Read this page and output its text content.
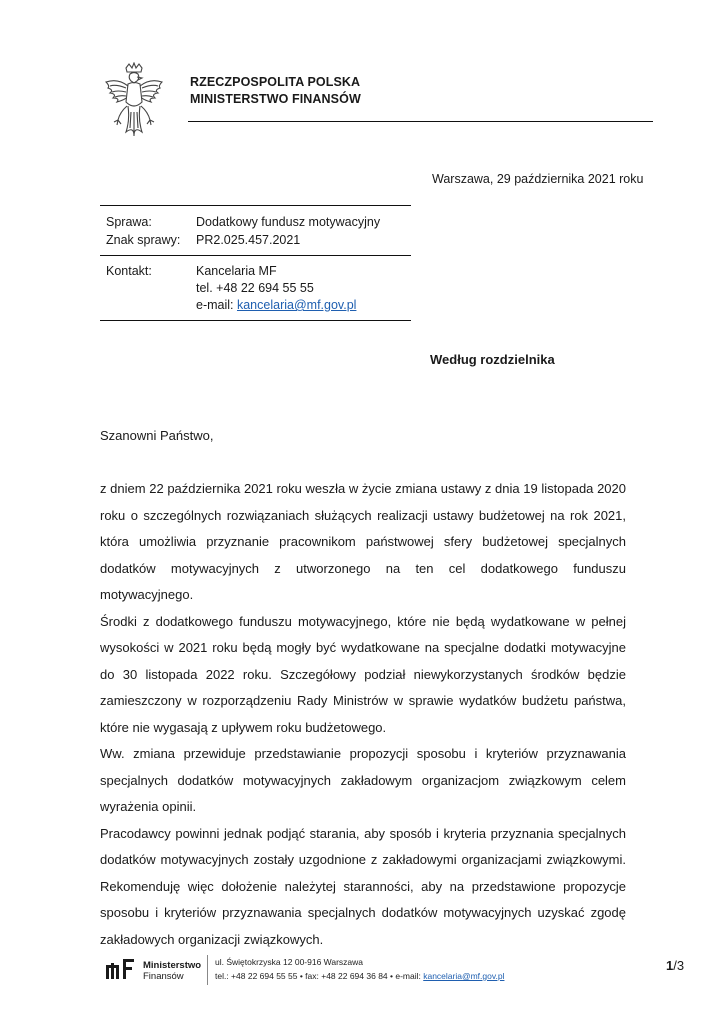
RZECZPOSPOLITA POLSKA
MINISTERSTWO FINANSÓW
Warszawa, 29 października 2021 roku
Sprawa:	Dodatkowy fundusz motywacyjny
Znak sprawy: PR2.025.457.2021
Kontakt:	Kancelaria MF
tel. +48 22 694 55 55
e-mail: kancelaria@mf.gov.pl
Według rozdzielnika
Szanowni Państwo,

z dniem 22 października 2021 roku weszła w życie zmiana ustawy z dnia 19 listopada 2020 roku o szczególnych rozwiązaniach służących realizacji ustawy budżetowej na rok 2021, która umożliwia przyznanie pracownikom państwowej sfery budżetowej specjalnych dodatków motywacyjnych z utworzonego na ten cel dodatkowego funduszu motywacyjnego.

Środki z dodatkowego funduszu motywacyjnego, które nie będą wydatkowane w pełnej wysokości w 2021 roku będą mogły być wydatkowane na specjalne dodatki motywacyjne do 30 listopada 2022 roku. Szczegółowy podział niewykorzystanych środków będzie zamieszczony w rozporządzeniu Rady Ministrów w sprawie wydatków budżetu państwa, które nie wygasają z upływem roku budżetowego.

Ww. zmiana przewiduje przedstawianie propozycji sposobu i kryteriów przyznawania specjalnych dodatków motywacyjnych zakładowym organizacjom związkowym celem wyrażenia opinii.

Pracodawcy powinni jednak podjąć starania, aby sposób i kryteria przyznania specjalnych dodatków motywacyjnych zostały uzgodnione z zakładowymi organizacjami związkowymi. Rekomenduję więc dołożenie należytej staranności, aby na przedstawione propozycje sposobu i kryteriów przyznawania specjalnych dodatków motywacyjnych uzyskać zgodę zakładowych organizacji związkowych.

Ministerstwo
Finansów
ul. Świętokrzyska 12 00-916 Warszawa
tel.: +48 22 694 55 55 • fax: +48 22 694 36 84 • e-mail: kancelaria@mf.gov.pl
1/3
